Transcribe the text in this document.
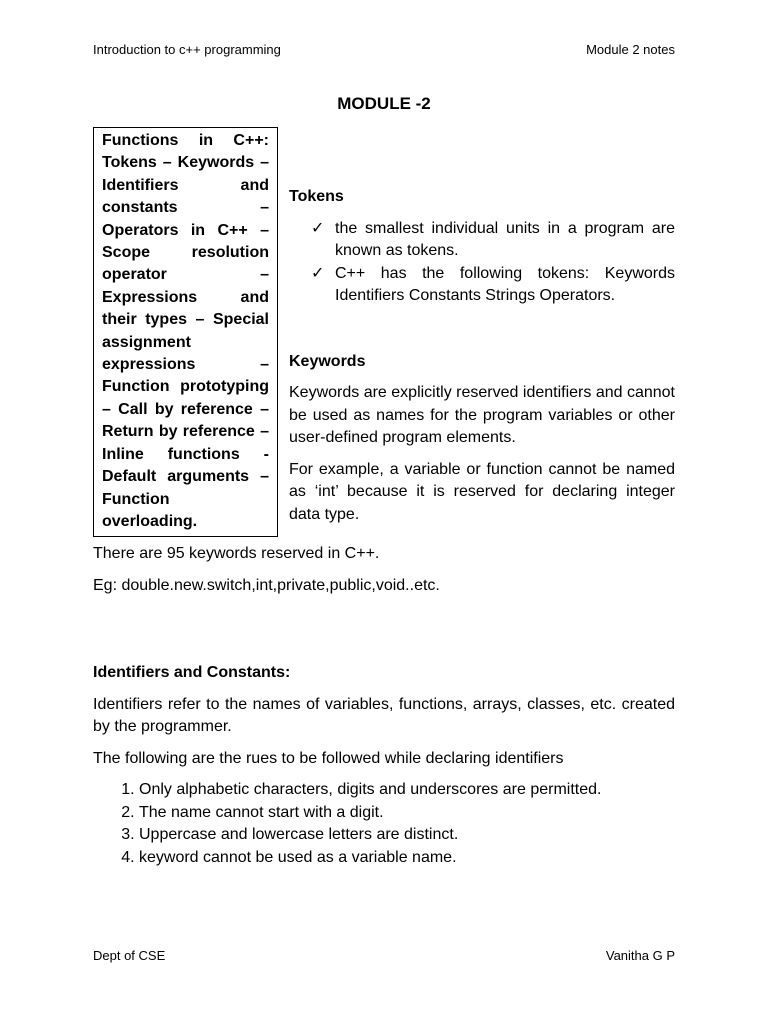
Introduction to c++ programming	Module 2 notes
MODULE -2
Functions in C++: Tokens – Keywords – Identifiers and constants – Operators in C++ – Scope resolution operator – Expressions and their types – Special assignment expressions – Function prototyping – Call by reference – Return by reference – Inline functions - Default arguments – Function overloading.

Tokens

✓ the smallest individual units in a program are known as tokens.
✓ C++ has the following tokens: Keywords Identifiers Constants Strings Operators.

Keywords

Keywords are explicitly reserved identifiers and cannot be used as names for the program variables or other user-defined program elements.

For example, a variable or function cannot be named as ‘int’ because it is reserved for declaring integer data type.

There are 95 keywords reserved in C++.

Eg: double.new.switch,int,private,public,void..etc.

Identifiers and Constants:

Identifiers refer to the names of variables, functions, arrays, classes, etc. created by the programmer.

The following are the rues to be followed while declaring identifiers

1. Only alphabetic characters, digits and underscores are permitted.
2. The name cannot start with a digit.
3. Uppercase and lowercase letters are distinct.
4. keyword cannot be used as a variable name.
Dept of CSE	Vanitha G P
